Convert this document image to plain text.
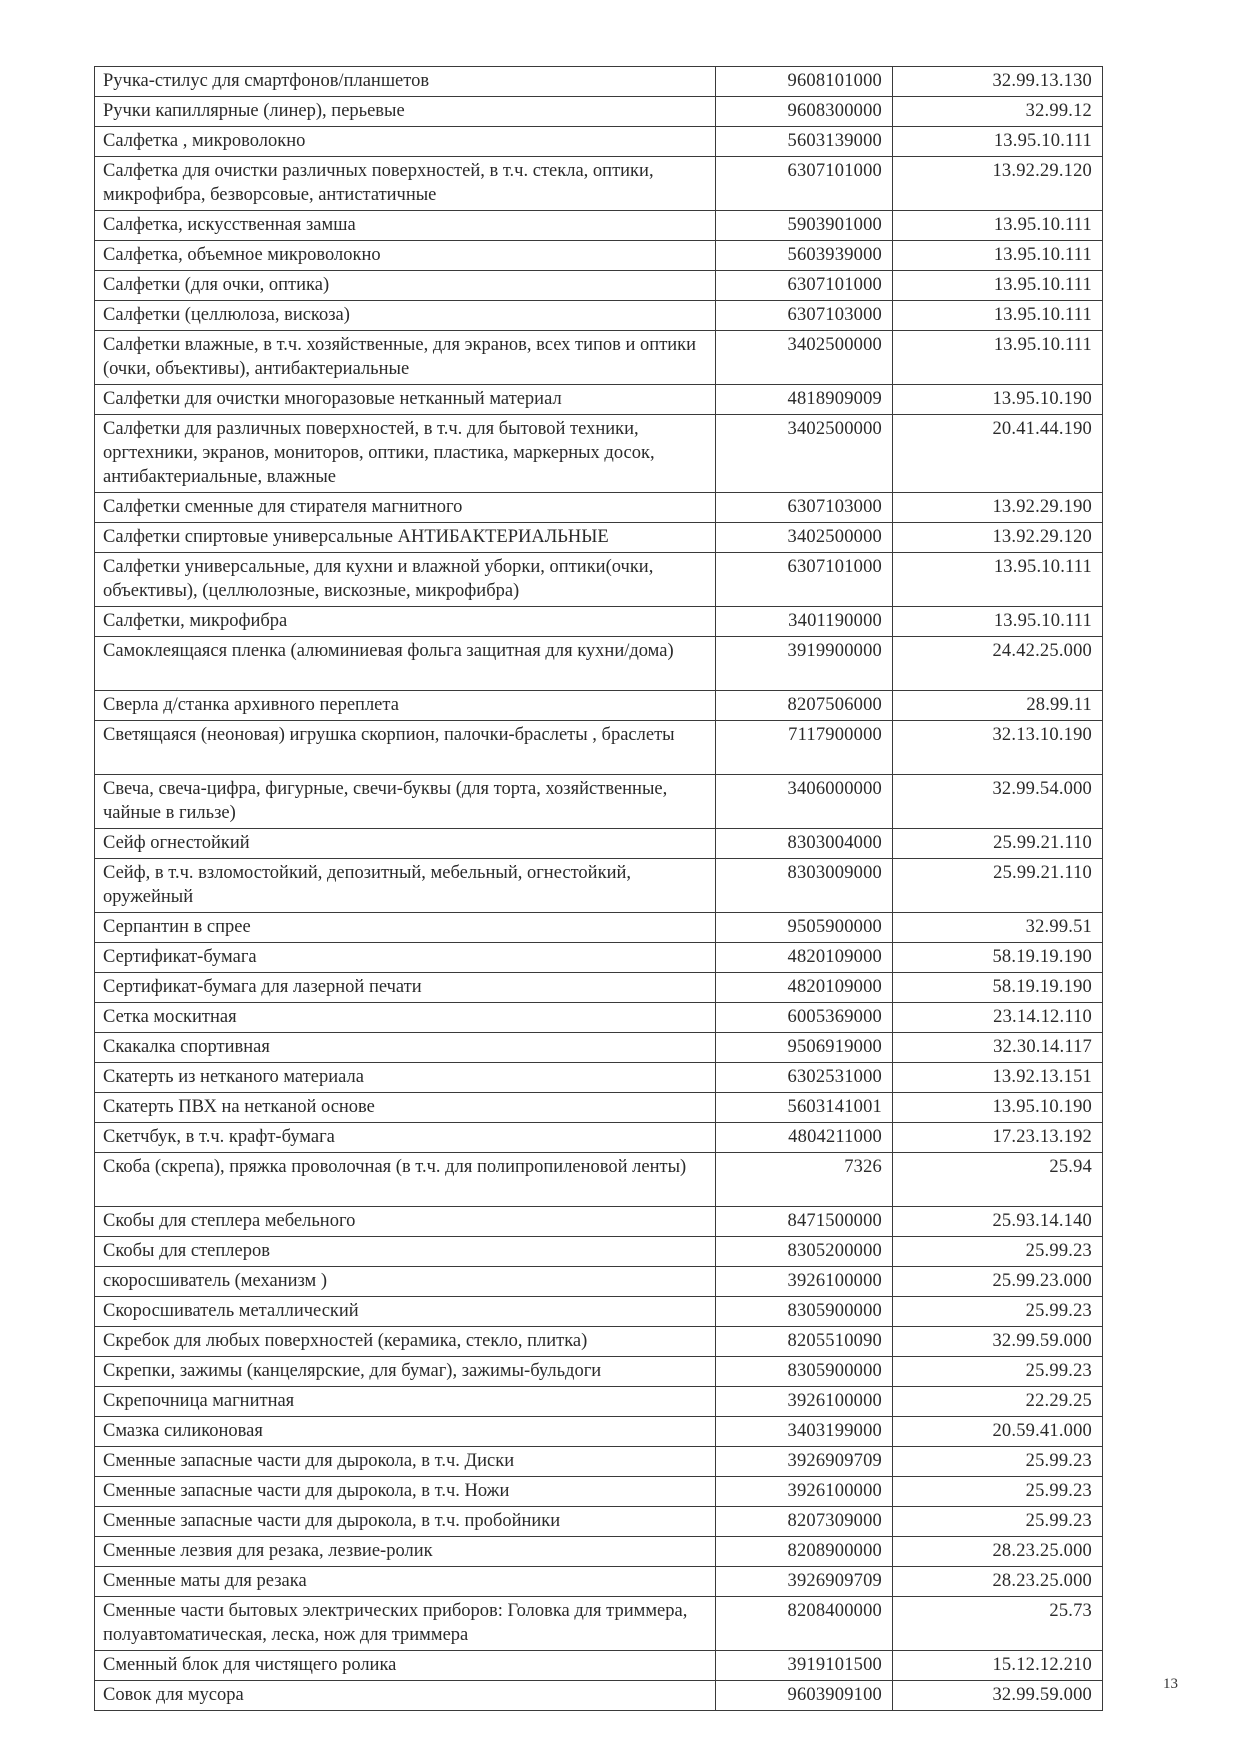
Ручка-стилус для смартфонов/планшетов	9608101000	32.99.13.130
Ручки капиллярные (линер), перьевые	9608300000	32.99.12
Салфетка , микроволокно	5603139000	13.95.10.111
Салфетка для очистки различных поверхностей, в т.ч. стекла, оптики, микрофибра, безворсовые, антистатичные	6307101000	13.92.29.120
Салфетка, искусственная замша	5903901000	13.95.10.111
Салфетка, объемное микроволокно	5603939000	13.95.10.111
Салфетки (для очки, оптика)	6307101000	13.95.10.111
Салфетки (целлюлоза, вискоза)	6307103000	13.95.10.111
Салфетки влажные, в т.ч. хозяйственные, для экранов, всех типов и оптики (очки, объективы), антибактериальные	3402500000	13.95.10.111
Салфетки для очистки многоразовые нетканный материал	4818909009	13.95.10.190
Салфетки для различных поверхностей, в т.ч. для бытовой техники, оргтехники, экранов, мониторов, оптики, пластика, маркерных досок, антибактериальные, влажные	3402500000	20.41.44.190
Салфетки сменные для стирателя магнитного	6307103000	13.92.29.190
Салфетки спиртовые универсальные АНТИБАКТЕРИАЛЬНЫЕ	3402500000	13.92.29.120
Салфетки универсальные, для кухни и влажной уборки, оптики(очки, объективы), (целлюлозные, вискозные, микрофибра)	6307101000	13.95.10.111
Салфетки, микрофибра	3401190000	13.95.10.111
Самоклеящаяся пленка (алюминиевая фольга защитная для кухни/дома)	3919900000	24.42.25.000
Сверла д/станка архивного переплета	8207506000	28.99.11
Светящаяся (неоновая) игрушка скорпион, палочки-браслеты , браслеты	7117900000	32.13.10.190
Свеча, свеча-цифра, фигурные, свечи-буквы (для торта, хозяйственные, чайные в гильзе)	3406000000	32.99.54.000
Сейф огнестойкий	8303004000	25.99.21.110
Сейф, в т.ч. взломостойкий, депозитный, мебельный, огнестойкий, оружейный	8303009000	25.99.21.110
Серпантин в спрее	9505900000	32.99.51
Сертификат-бумага	4820109000	58.19.19.190
Сертификат-бумага для лазерной печати	4820109000	58.19.19.190
Сетка москитная	6005369000	23.14.12.110
Скакалка спортивная	9506919000	32.30.14.117
Скатерть из нетканого материала	6302531000	13.92.13.151
Скатерть ПВХ на нетканой основе	5603141001	13.95.10.190
Скетчбук, в т.ч. крафт-бумага	4804211000	17.23.13.192
Скоба (скрепа), пряжка проволочная (в т.ч. для полипропиленовой ленты)	7326	25.94
Скобы для степлера мебельного	8471500000	25.93.14.140
Скобы для степлеров	8305200000	25.99.23
скоросшиватель (механизм )	3926100000	25.99.23.000
Скоросшиватель металлический	8305900000	25.99.23
Скребок для любых поверхностей (керамика, стекло, плитка)	8205510090	32.99.59.000
Скрепки, зажимы (канцелярские, для бумаг), зажимы-бульдоги	8305900000	25.99.23
Скрепочница магнитная	3926100000	22.29.25
Смазка силиконовая	3403199000	20.59.41.000
Сменные запасные части для дырокола, в т.ч. Диски	3926909709	25.99.23
Сменные запасные части для дырокола, в т.ч. Ножи	3926100000	25.99.23
Сменные запасные части для дырокола, в т.ч. пробойники	8207309000	25.99.23
Сменные лезвия для резака, лезвие-ролик	8208900000	28.23.25.000
Сменные маты для резака	3926909709	28.23.25.000
Сменные части бытовых электрических приборов: Головка для триммера, полуавтоматическая, леска, нож для триммера	8208400000	25.73
Сменный блок для чистящего ролика	3919101500	15.12.12.210
Совок для мусора	9603909100	32.99.59.000
13
